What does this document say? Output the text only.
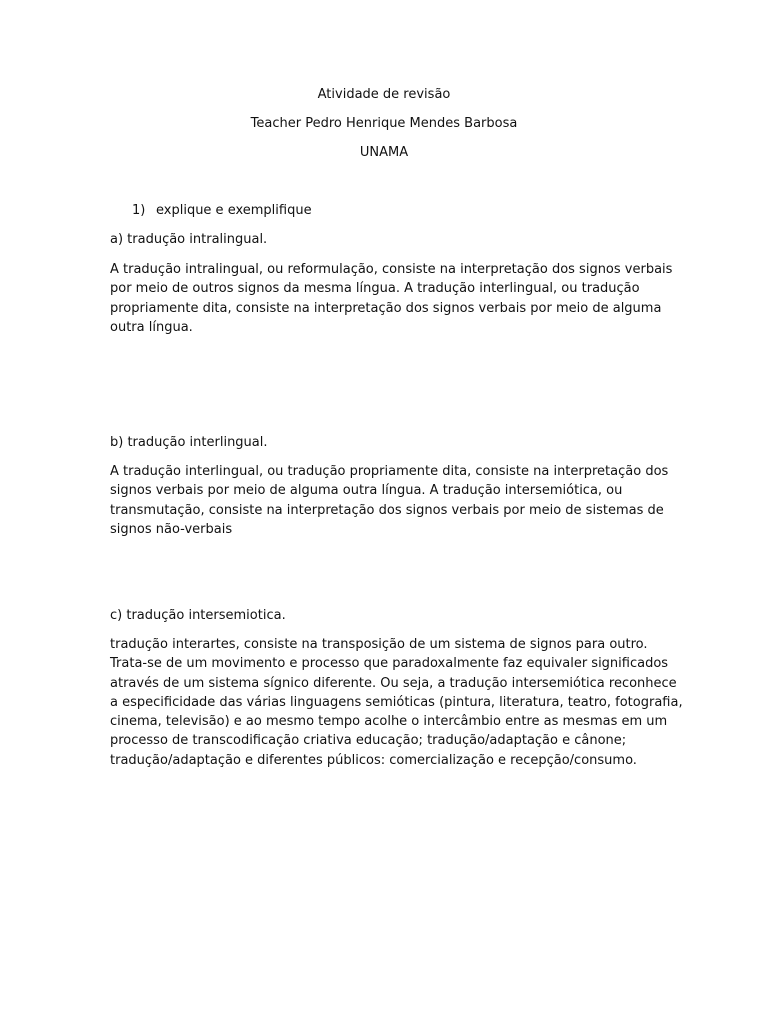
Atividade de revisão
Teacher Pedro Henrique Mendes Barbosa
UNAMA
1) explique e exemplifique
a) tradução intralingual.
A tradução intralingual, ou reformulação, consiste na interpretação dos signos verbais
por meio de outros signos da mesma língua. A tradução interlingual, ou tradução
propriamente dita, consiste na interpretação dos signos verbais por meio de alguma
outra língua.
b) tradução interlingual.
A tradução interlingual, ou tradução propriamente dita, consiste na interpretação dos
signos verbais por meio de alguma outra língua. A tradução intersemiótica, ou
transmutação, consiste na interpretação dos signos verbais por meio de sistemas de
signos não-verbais
c) tradução intersemiotica.
tradução interartes, consiste na transposição de um sistema de signos para outro.
Trata-se de um movimento e processo que paradoxalmente faz equivaler significados
através de um sistema sígnico diferente. Ou seja, a tradução intersemiótica reconhece
a especificidade das várias linguagens semióticas (pintura, literatura, teatro, fotografia,
cinema, televisão) e ao mesmo tempo acolhe o intercâmbio entre as mesmas em um
processo de transcodificação criativa educação; tradução/adaptação e cânone;
tradução/adaptação e diferentes públicos: comercialização e recepção/consumo.
